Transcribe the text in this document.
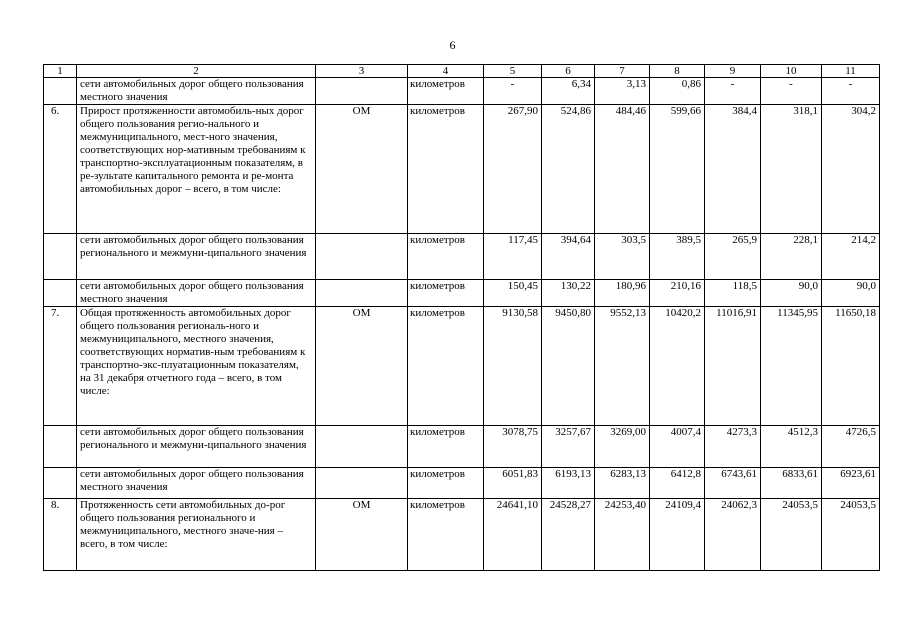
6
1	2	3	4	5	6	7	8	9	10	11
	сети автомобильных дорог общего пользования местного значения		километров	-	6,34	3,13	0,86	-	-	-
6.	Прирост протяженности автомобиль-ных дорог общего пользования регио-нального и межмуниципального, мест-ного значения, соответствующих нор-мативным требованиям к транспортно-эксплуатационным показателям, в ре-зультате капитального ремонта и ре-монта автомобильных дорог – всего, в том числе:	ОМ	километров	267,90	524,86	484,46	599,66	384,4	318,1	304,2
	сети автомобильных дорог общего пользования регионального и межмуни-ципального значения		километров	117,45	394,64	303,5	389,5	265,9	228,1	214,2
	сети автомобильных дорог общего пользования местного значения		километров	150,45	130,22	180,96	210,16	118,5	90,0	90,0
7.	Общая протяженность автомобильных дорог общего пользования региональ-ного и межмуниципального, местного значения, соответствующих норматив-ным требованиям к транспортно-экс-плуатационным показателям, на 31 декабря отчетного года – всего, в том числе:	ОМ	километров	9130,58	9450,80	9552,13	10420,2	11016,91	11345,95	11650,18
	сети автомобильных дорог общего пользования регионального и межмуни-ципального значения		километров	3078,75	3257,67	3269,00	4007,4	4273,3	4512,3	4726,5
	сети автомобильных дорог общего пользования местного значения		километров	6051,83	6193,13	6283,13	6412,8	6743,61	6833,61	6923,61
8.	Протяженность сети автомобильных до-рог общего пользования регионального и межмуниципального, местного значе-ния – всего, в том числе:	ОМ	километров	24641,10	24528,27	24253,40	24109,4	24062,3	24053,5	24053,5
